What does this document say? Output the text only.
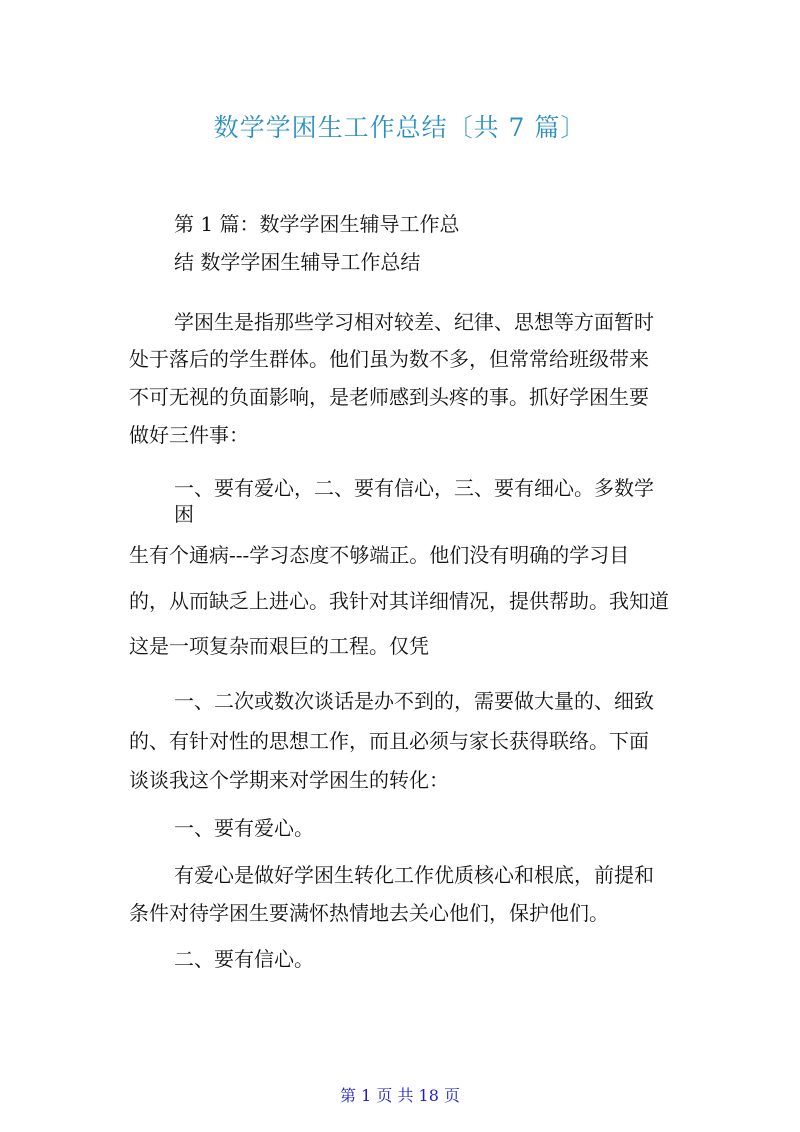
数学学困生工作总结〔共 7 篇〕
第 1 篇：数学学困生辅导工作总
结 数学学困生辅导工作总结
学困生是指那些学习相对较差、纪律、思想等方面暂时
处于落后的学生群体。他们虽为数不多，但常常给班级带来
不可无视的负面影响，是老师感到头疼的事。抓好学困生要
做好三件事：
一、要有爱心，二、要有信心，三、要有细心。多数学
困
生有个通病---学习态度不够端正。他们没有明确的学习目
的，从而缺乏上进心。我针对其详细情况，提供帮助。我知道
这是一项复杂而艰巨的工程。仅凭
一、二次或数次谈话是办不到的，需要做大量的、细致
的、有针对性的思想工作，而且必须与家长获得联络。下面
谈谈我这个学期来对学困生的转化：
一、要有爱心。
有爱心是做好学困生转化工作优质核心和根底，前提和
条件对待学困生要满怀热情地去关心他们，保护他们。
二、要有信心。
第 1 页 共 18 页
